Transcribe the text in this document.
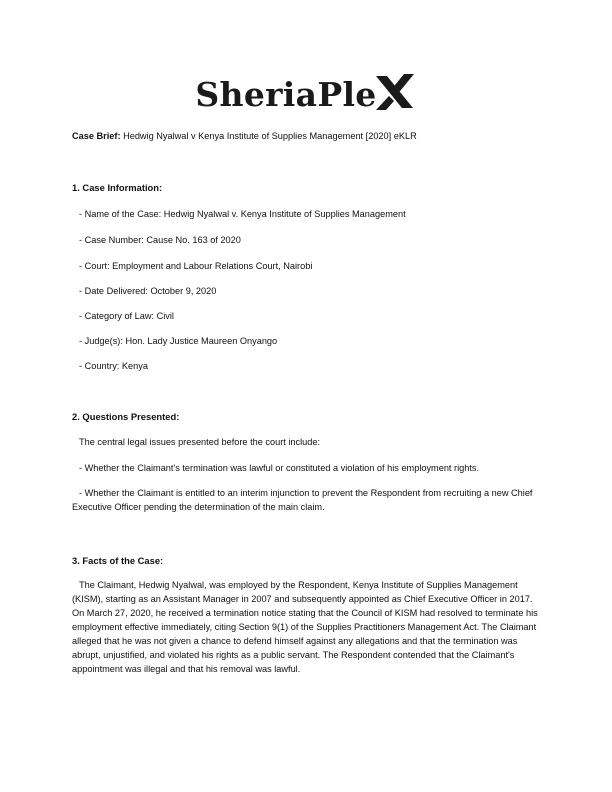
SheriaPle
Case Brief: Hedwig Nyalwal v Kenya Institute of Supplies Management [2020] eKLR
1. Case Information:
- Name of the Case: Hedwig Nyalwal v. Kenya Institute of Supplies Management
- Case Number: Cause No. 163 of 2020
- Court: Employment and Labour Relations Court, Nairobi
- Date Delivered: October 9, 2020
- Category of Law: Civil
- Judge(s): Hon. Lady Justice Maureen Onyango
- Country: Kenya
2. Questions Presented:
The central legal issues presented before the court include:
- Whether the Claimant's termination was lawful or constituted a violation of his employment rights.
- Whether the Claimant is entitled to an interim injunction to prevent the Respondent from recruiting a new Chief Executive Officer pending the determination of the main claim.
3. Facts of the Case:
The Claimant, Hedwig Nyalwal, was employed by the Respondent, Kenya Institute of Supplies Management (KISM), starting as an Assistant Manager in 2007 and subsequently appointed as Chief Executive Officer in 2017. On March 27, 2020, he received a termination notice stating that the Council of KISM had resolved to terminate his employment effective immediately, citing Section 9(1) of the Supplies Practitioners Management Act. The Claimant alleged that he was not given a chance to defend himself against any allegations and that the termination was abrupt, unjustified, and violated his rights as a public servant. The Respondent contended that the Claimant's appointment was illegal and that his removal was lawful.
